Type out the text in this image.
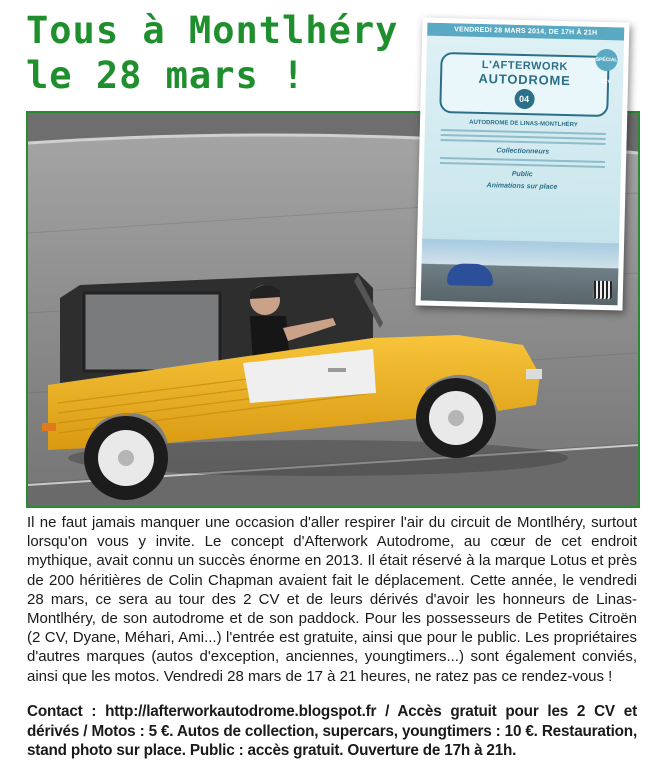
Tous à Montlhéry
le 28 mars !
VENDREDI 28 MARS 2014, DE 17H À 21H
SPÉCIAL 2CV
L'AFTERWORK
AUTODROME
04
AUTODROME DE LINAS-MONTLHÉRY
Collectionneurs
Public
Animations sur place

Il ne faut jamais manquer une occasion d'aller respirer l'air du circuit de Montlhéry, surtout lorsqu'on vous y invite. Le concept d'Afterwork Autodrome, au cœur de cet endroit mythique, avait connu un succès énorme en 2013. Il était réservé à la marque Lotus et près de 200 héritières de Colin Chapman avaient fait le déplacement. Cette année, le vendredi 28 mars, ce sera au tour des 2 CV et de leurs dérivés d'avoir les honneurs de Linas-Montlhéry, de son autodrome et de son paddock. Pour les possesseurs de Petites Citroën (2 CV, Dyane, Méhari, Ami...) l'entrée est gratuite, ainsi que pour le public. Les propriétaires d'autres marques (autos d'exception, anciennes, youngtimers...) sont également conviés, ainsi que les motos. Vendredi 28 mars de 17 à 21 heures, ne ratez pas ce rendez-vous !

Contact : http://lafterworkautodrome.blogspot.fr / Accès gratuit pour les 2 CV et dérivés / Motos : 5 €. Autos de collection, supercars, youngtimers : 10 €. Restauration, stand photo sur place. Public : accès gratuit. Ouverture de 17h à 21h.
